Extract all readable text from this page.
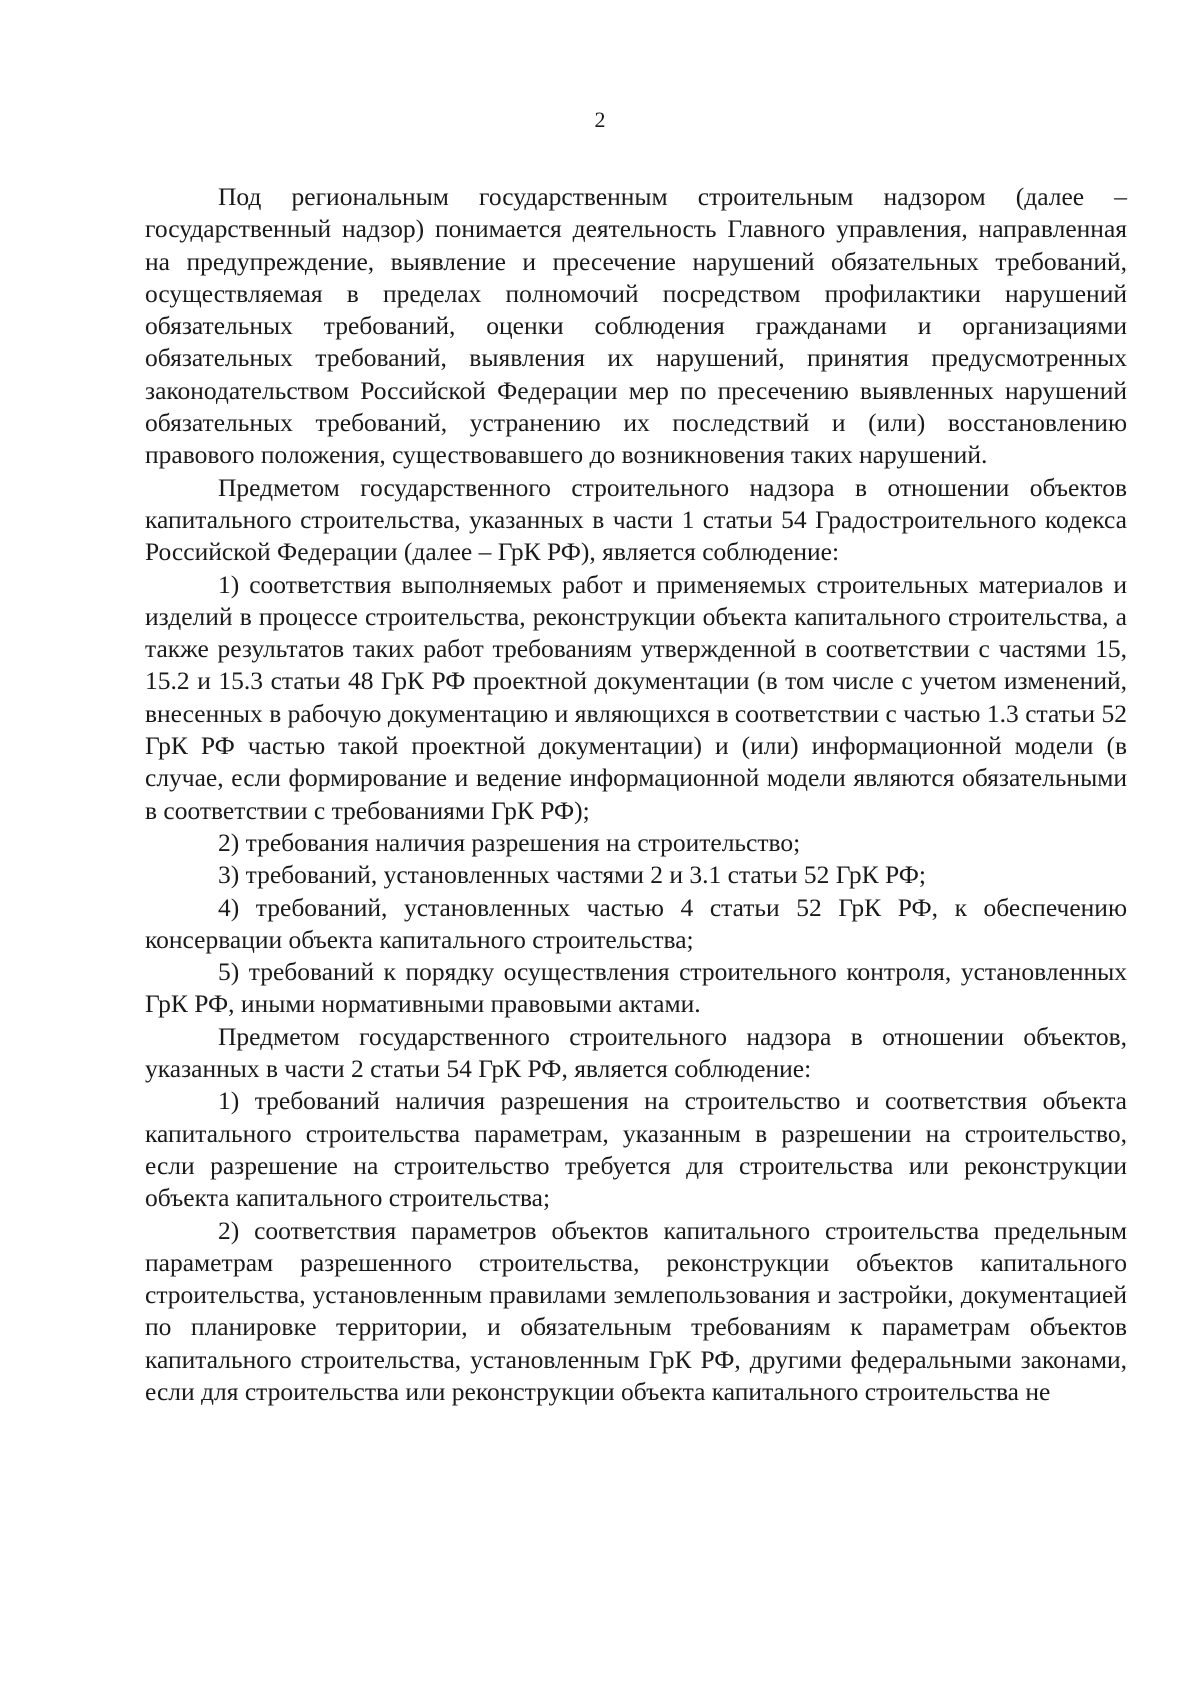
2

Под региональным государственным строительным надзором (далее – государственный надзор) понимается деятельность Главного управления, направленная на предупреждение, выявление и пресечение нарушений обязательных требований, осуществляемая в пределах полномочий посредством профилактики нарушений обязательных требований, оценки соблюдения гражданами и организациями обязательных требований, выявления их нарушений, принятия предусмотренных законодательством Российской Федерации мер по пресечению выявленных нарушений обязательных требований, устранению их последствий и (или) восстановлению правового положения, существовавшего до возникновения таких нарушений.

Предметом государственного строительного надзора в отношении объектов капитального строительства, указанных в части 1 статьи 54 Градостроительного кодекса Российской Федерации (далее – ГрК РФ), является соблюдение:

1) соответствия выполняемых работ и применяемых строительных материалов и изделий в процессе строительства, реконструкции объекта капитального строительства, а также результатов таких работ требованиям утвержденной в соответствии с частями 15, 15.2 и 15.3 статьи 48 ГрК РФ проектной документации (в том числе с учетом изменений, внесенных в рабочую документацию и являющихся в соответствии с частью 1.3 статьи 52 ГрК РФ частью такой проектной документации) и (или) информационной модели (в случае, если формирование и ведение информационной модели являются обязательными в соответствии с требованиями ГрК РФ);

2) требования наличия разрешения на строительство;

3) требований, установленных частями 2 и 3.1 статьи 52 ГрК РФ;

4) требований, установленных частью 4 статьи 52 ГрК РФ, к обеспечению консервации объекта капитального строительства;

5) требований к порядку осуществления строительного контроля, установленных ГрК РФ, иными нормативными правовыми актами.

Предметом государственного строительного надзора в отношении объектов, указанных в части 2 статьи 54 ГрК РФ, является соблюдение:

1) требований наличия разрешения на строительство и соответствия объекта капитального строительства параметрам, указанным в разрешении на строительство, если разрешение на строительство требуется для строительства или реконструкции объекта капитального строительства;

2) соответствия параметров объектов капитального строительства предельным параметрам разрешенного строительства, реконструкции объектов капитального строительства, установленным правилами землепользования и застройки, документацией по планировке территории, и обязательным требованиям к параметрам объектов капитального строительства, установленным ГрК РФ, другими федеральными законами, если для строительства или реконструкции объекта капитального строительства не
